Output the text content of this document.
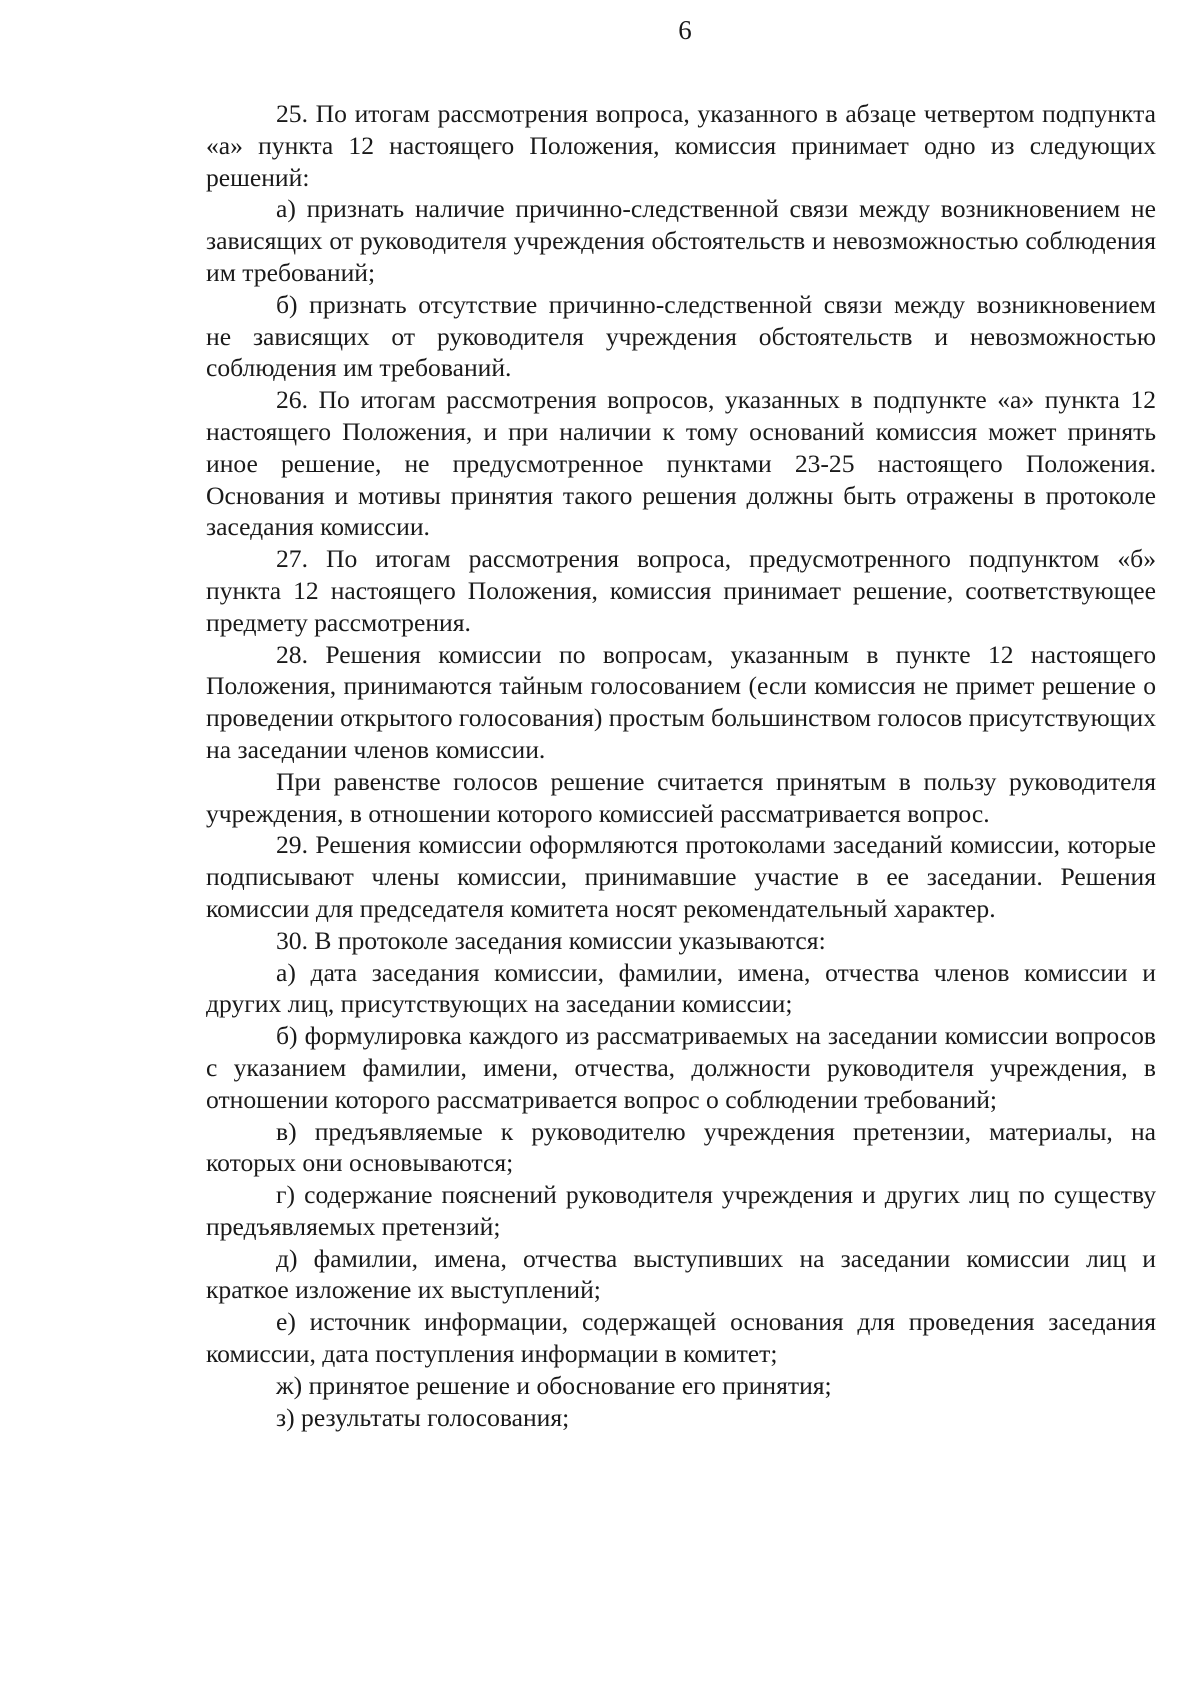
6

25. По итогам рассмотрения вопроса, указанного в абзаце четвертом подпункта «а» пункта 12 настоящего Положения, комиссия принимает одно из следующих решений:

а) признать наличие причинно-следственной связи между возникновением не зависящих от руководителя учреждения обстоятельств и невозможностью соблюдения им требований;

б) признать отсутствие причинно-следственной связи между возникновением не зависящих от руководителя учреждения обстоятельств и невозможностью соблюдения им требований.

26. По итогам рассмотрения вопросов, указанных в подпункте «а» пункта 12 настоящего Положения, и при наличии к тому оснований комиссия может принять иное решение, не предусмотренное пунктами 23-25 настоящего Положения. Основания и мотивы принятия такого решения должны быть отражены в протоколе заседания комиссии.

27. По итогам рассмотрения вопроса, предусмотренного подпунктом «б» пункта 12 настоящего Положения, комиссия принимает решение, соответствующее предмету рассмотрения.

28. Решения комиссии по вопросам, указанным в пункте 12 настоящего Положения, принимаются тайным голосованием (если комиссия не примет решение о проведении открытого голосования) простым большинством голосов присутствующих на заседании членов комиссии.

При равенстве голосов решение считается принятым в пользу руководителя учреждения, в отношении которого комиссией рассматривается вопрос.

29. Решения комиссии оформляются протоколами заседаний комиссии, которые подписывают члены комиссии, принимавшие участие в ее заседании. Решения комиссии для председателя комитета носят рекомендательный характер.

30. В протоколе заседания комиссии указываются:

а) дата заседания комиссии, фамилии, имена, отчества членов комиссии и других лиц, присутствующих на заседании комиссии;

б) формулировка каждого из рассматриваемых на заседании комиссии вопросов с указанием фамилии, имени, отчества, должности руководителя учреждения, в отношении которого рассматривается вопрос о соблюдении требований;

в) предъявляемые к руководителю учреждения претензии, материалы, на которых они основываются;

г) содержание пояснений руководителя учреждения и других лиц по существу предъявляемых претензий;

д) фамилии, имена, отчества выступивших на заседании комиссии лиц и краткое изложение их выступлений;

е) источник информации, содержащей основания для проведения заседания комиссии, дата поступления информации в комитет;

ж) принятое решение и обоснование его принятия;

з) результаты голосования;
